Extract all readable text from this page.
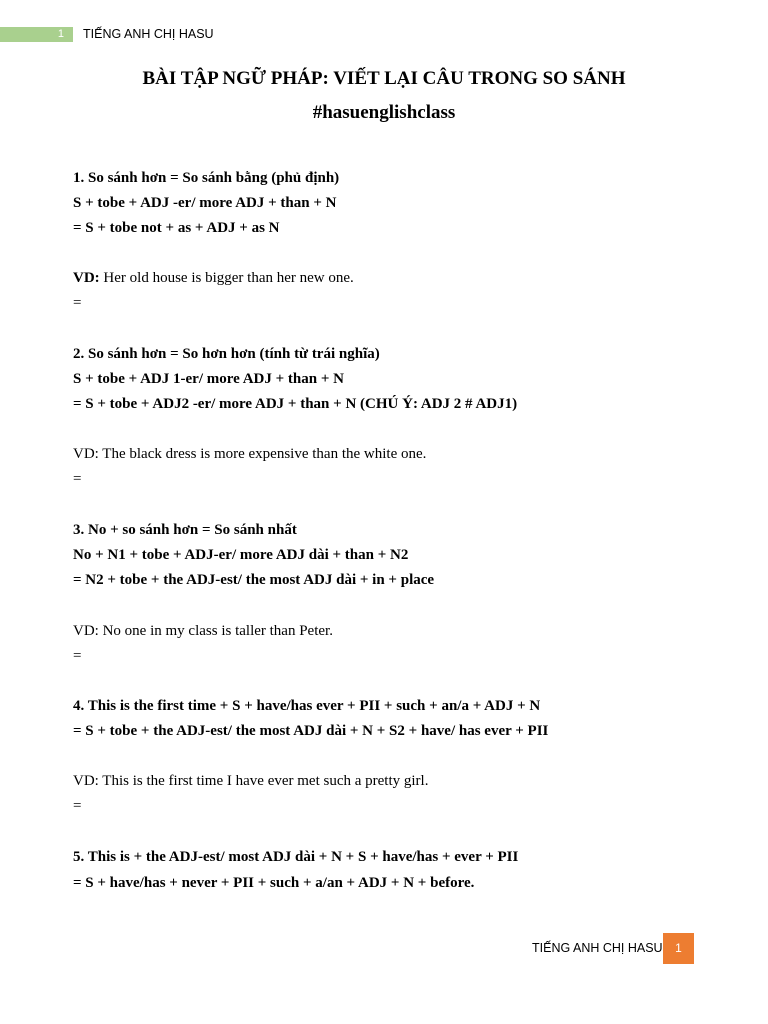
1	TIẾNG ANH CHỊ HASU
BÀI TẬP NGỮ PHÁP: VIẾT LẠI CÂU TRONG SO SÁNH
#hasuenglishclass
1. So sánh hơn = So sánh bằng (phủ định)
S + tobe + ADJ -er/ more ADJ + than + N
= S + tobe not + as + ADJ + as N
VD: Her old house is bigger than her new one.
=
2. So sánh hơn = So hơn hơn (tính từ trái nghĩa)
S + tobe + ADJ 1-er/ more ADJ + than + N
= S + tobe + ADJ2 -er/ more ADJ + than + N (CHÚ Ý: ADJ 2 # ADJ1)
VD: The black dress is more expensive than the white one.
=
3. No + so sánh hơn = So sánh nhất
No + N1 + tobe + ADJ-er/ more ADJ dài + than + N2
= N2 + tobe + the ADJ-est/ the most ADJ dài + in + place
VD: No one in my class is taller than Peter.
=
4. This is the first time + S + have/has ever + PII + such + an/a + ADJ + N
= S + tobe + the ADJ-est/ the most ADJ dài + N + S2 + have/ has ever + PII
VD: This is the first time I have ever met such a pretty girl.
=
5. This is + the ADJ-est/ most ADJ dài + N + S + have/has + ever + PII
= S + have/has + never + PII + such + a/an + ADJ + N + before.
TIẾNG ANH CHỊ HASU	1
